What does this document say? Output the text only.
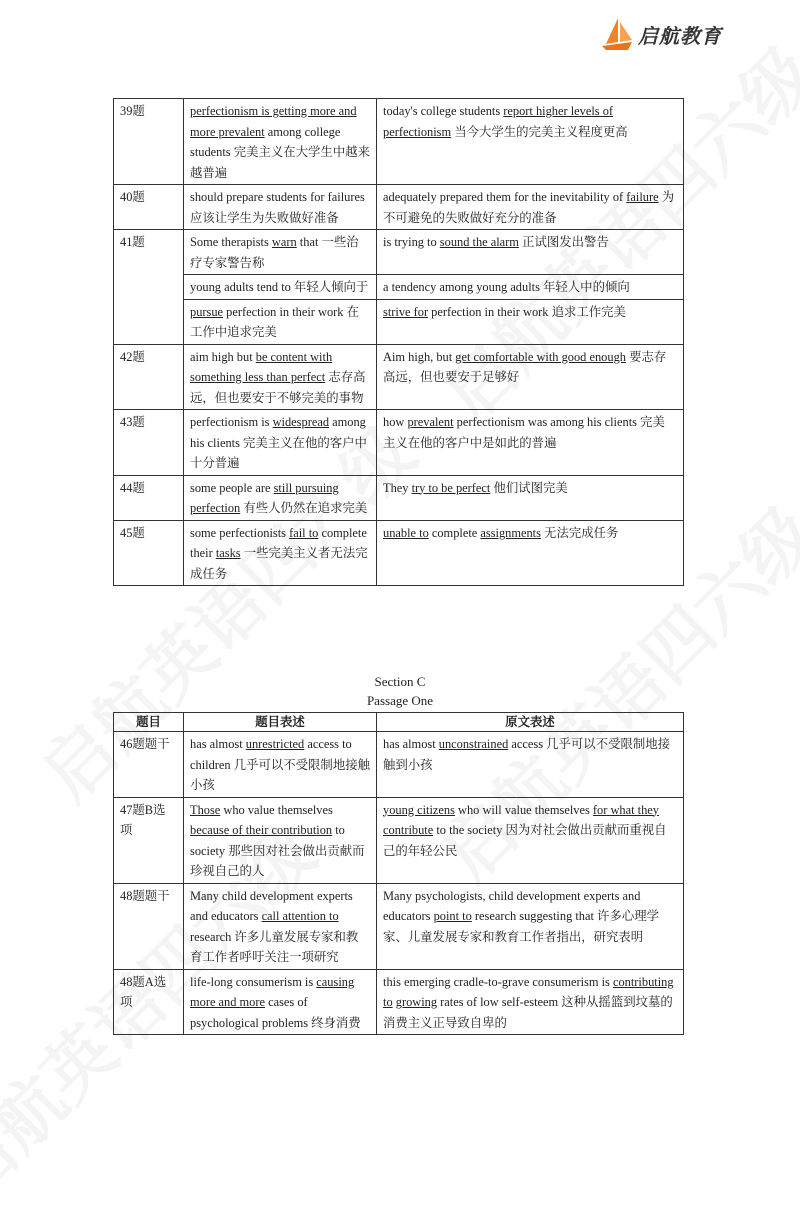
启航教育
39题	perfectionism is getting more and more prevalent among college students 完美主义在大学生中越来越普遍	today's college students report higher levels of perfectionism 当今大学生的完美主义程度更高
40题	should prepare students for failures 应该让学生为失败做好准备	adequately prepared them for the inevitability of failure 为不可避免的失败做好充分的准备
41题	Some therapists warn that 一些治疗专家警告称	is trying to sound the alarm 正试图发出警告
	young adults tend to 年轻人倾向于	a tendency among young adults 年轻人中的倾向
	pursue perfection in their work 在工作中追求完美	strive for perfection in their work 追求工作完美
42题	aim high but be content with something less than perfect 志存高远，但也要安于不够完美的事物	Aim high, but get comfortable with good enough 要志存高远，但也要安于足够好
43题	perfectionism is widespread among his clients 完美主义在他的客户中十分普遍	how prevalent perfectionism was among his clients 完美主义在他的客户中是如此的普遍
44题	some people are still pursuing perfection 有些人仍然在追求完美	They try to be perfect 他们试图完美
45题	some perfectionists fail to complete their tasks 一些完美主义者无法完成任务	unable to complete assignments 无法完成任务
Section C
Passage One
题目	题目表述	原文表述
46题题干	has almost unrestricted access to children 几乎可以不受限制地接触小孩	has almost unconstrained access 几乎可以不受限制地接触到小孩
47题B选项	Those who value themselves because of their contribution to society 那些因对社会做出贡献而珍视自己的人	young citizens who will value themselves for what they contribute to the society 因为对社会做出贡献而重视自己的年轻公民
48题题干	Many child development experts and educators call attention to research 许多儿童发展专家和教育工作者呼吁关注一项研究	Many psychologists, child development experts and educators point to research suggesting that 许多心理学家、儿童发展专家和教育工作者指出，研究表明
48题A选项	life-long consumerism is causing more and more cases of psychological problems 终身消费	this emerging cradle-to-grave consumerism is contributing to growing rates of low self-esteem 这种从摇篮到坟墓的消费主义正导致自卑的
